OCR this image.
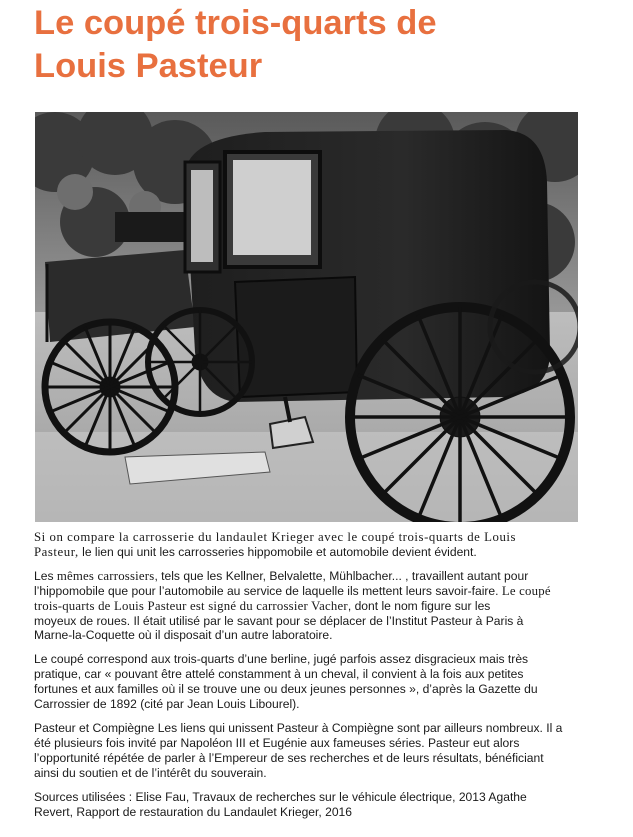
Le coupé trois-quarts de
Louis Pasteur

Si on compare la carrosserie du landaulet Krieger avec le coupé trois-quarts de Louis
Pasteur, le lien qui unit les carrosseries hippomobile et automobile devient évident.

Les mêmes carrossiers, tels que les Kellner, Belvalette, Mühlbacher... , travaillent autant pour
l’hippomobile que pour l’automobile au service de laquelle ils mettent leurs savoir-faire. Le coupé
trois-quarts de Louis Pasteur est signé du carrossier Vacher, dont le nom figure sur les
moyeux de roues. Il était utilisé par le savant pour se déplacer de l’Institut Pasteur à Paris à
Marne-la-Coquette où il disposait d’un autre laboratoire.

Le coupé correspond aux trois-quarts d’une berline, jugé parfois assez disgracieux mais très
pratique, car « pouvant être attelé constamment à un cheval, il convient à la fois aux petites
fortunes et aux familles où il se trouve une ou deux jeunes personnes », d’après la Gazette du
Carrossier de 1892 (cité par Jean Louis Libourel).

Pasteur et Compiègne Les liens qui unissent Pasteur à Compiègne sont par ailleurs nombreux. Il a
été plusieurs fois invité par Napoléon III et Eugénie aux fameuses séries. Pasteur eut alors
l’opportunité répétée de parler à l’Empereur de ses recherches et de leurs résultats, bénéficiant
ainsi du soutien et de l’intérêt du souverain.

Sources utilisées : Elise Fau, Travaux de recherches sur le véhicule électrique, 2013 Agathe
Revert, Rapport de restauration du Landaulet Krieger, 2016
